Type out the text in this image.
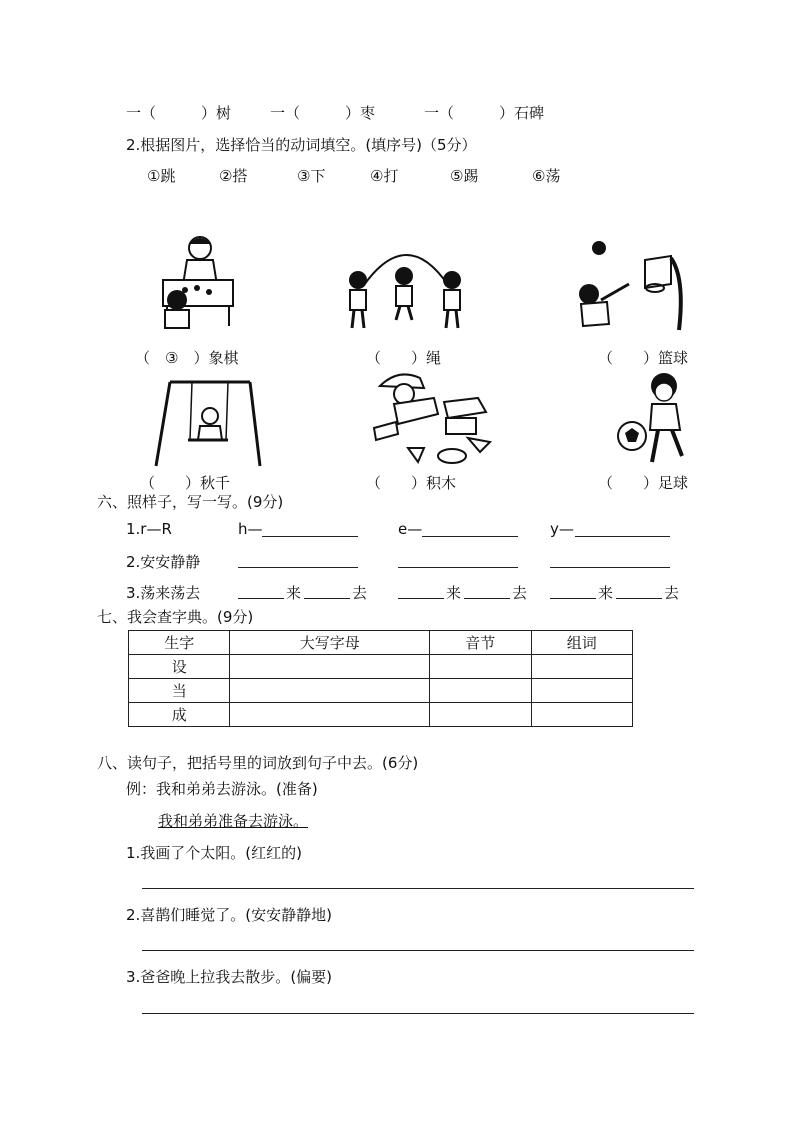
一（　　　）树	一（　　　）枣	一（　　　）石碑
2.根据图片，选择恰当的动词填空。(填序号)（5分）
①跳	②搭	③下	④打	⑤踢	⑥荡
（　③　）象棋	（　　）绳	（　　）篮球
（　　）秋千	（　　）积木	（　　）足球
六、照样子，写一写。(9分)
1.r—R	h—	e—	y—
2.安安静静
3.荡来荡去	来	去	来	去	来	去
七、我会查字典。(9分)
生字	大写字母	音节	组词
设			
当			
成			
八、读句子，把括号里的词放到句子中去。(6分)
例：我和弟弟去游泳。(准备)
我和弟弟准备去游泳。
1.我画了个太阳。(红红的)
2.喜鹊们睡觉了。(安安静静地)
3.爸爸晚上拉我去散步。(偏要)
